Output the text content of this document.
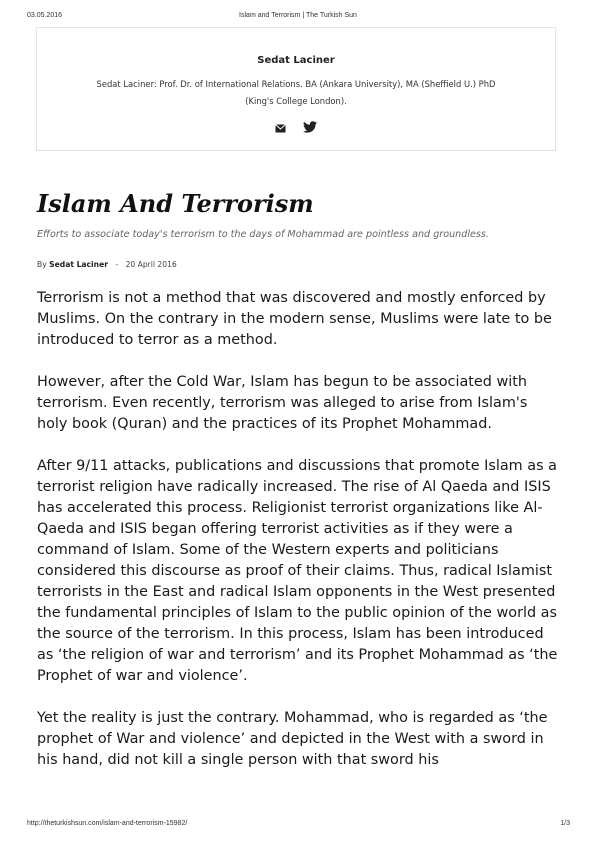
03.05.2016	Islam and Terrorism | The Turkish Sun
Sedat Laciner
Sedat Laciner: Prof. Dr. of International Relations. BA (Ankara University), MA (Sheffield U.) PhD
(King's College London).
Islam And Terrorism
Efforts to associate today's terrorism to the days of Mohammad are pointless and groundless.
By Sedat Laciner - 20 April 2016

Terrorism is not a method that was discovered and mostly enforced by Muslims. On the contrary in the modern sense, Muslims were late to be introduced to terror as a method.

However, after the Cold War, Islam has begun to be associated with terrorism. Even recently, terrorism was alleged to arise from Islam's holy book (Quran) and the practices of its Prophet Mohammad.

After 9/11 attacks, publications and discussions that promote Islam as a terrorist religion have radically increased. The rise of Al Qaeda and ISIS has accelerated this process. Religionist terrorist organizations like Al-Qaeda and ISIS began offering terrorist activities as if they were a command of Islam. Some of the Western experts and politicians considered this discourse as proof of their claims. Thus, radical Islamist terrorists in the East and radical Islam opponents in the West presented the fundamental principles of Islam to the public opinion of the world as the source of the terrorism. In this process, Islam has been introduced as ‘the religion of war and terrorism’ and its Prophet Mohammad as ‘the Prophet of war and violence’.

Yet the reality is just the contrary. Mohammad, who is regarded as ‘the prophet of War and violence’ and depicted in the West with a sword in his hand, did not kill a single person with that sword his

http://theturkishsun.com/islam-and-terrorism-15982/	1/3
